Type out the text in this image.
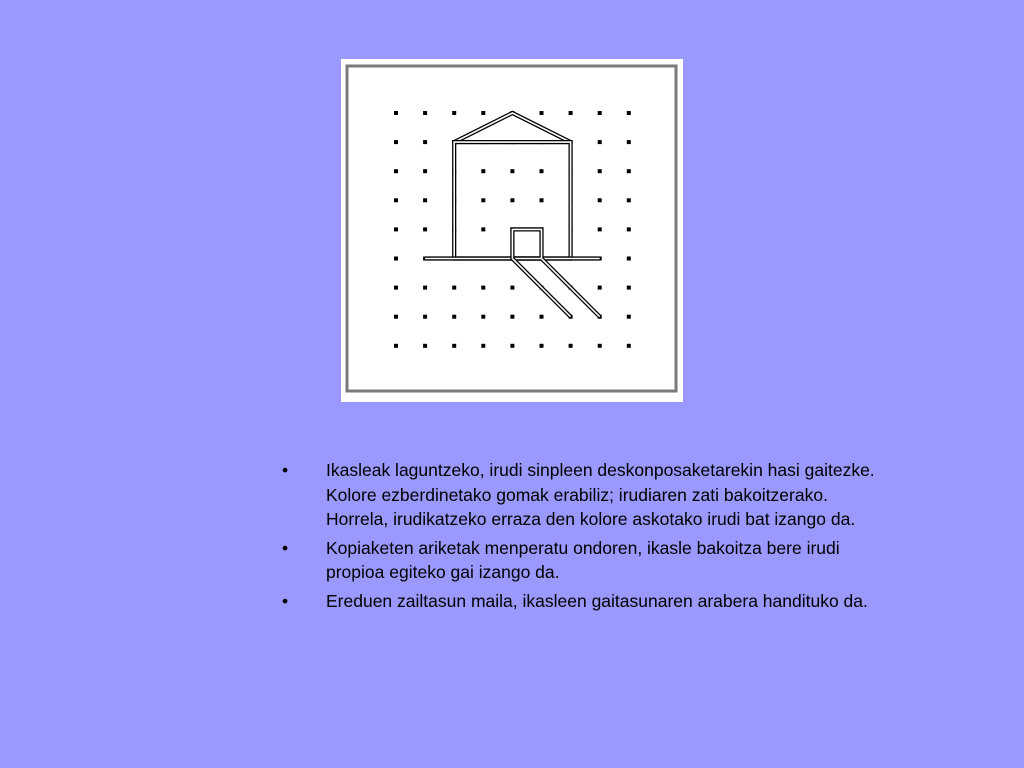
• Ikasleak laguntzeko, irudi sinpleen deskonposaketarekin hasi gaitezke. Kolore ezberdinetako gomak erabiliz; irudiaren zati bakoitzerako. Horrela, irudikatzeko erraza den kolore askotako irudi bat izango da.
• Kopiaketen ariketak menperatu ondoren, ikasle bakoitza bere irudi propioa egiteko gai izango da.
• Ereduen zailtasun maila, ikasleen gaitasunaren arabera handituko da.
